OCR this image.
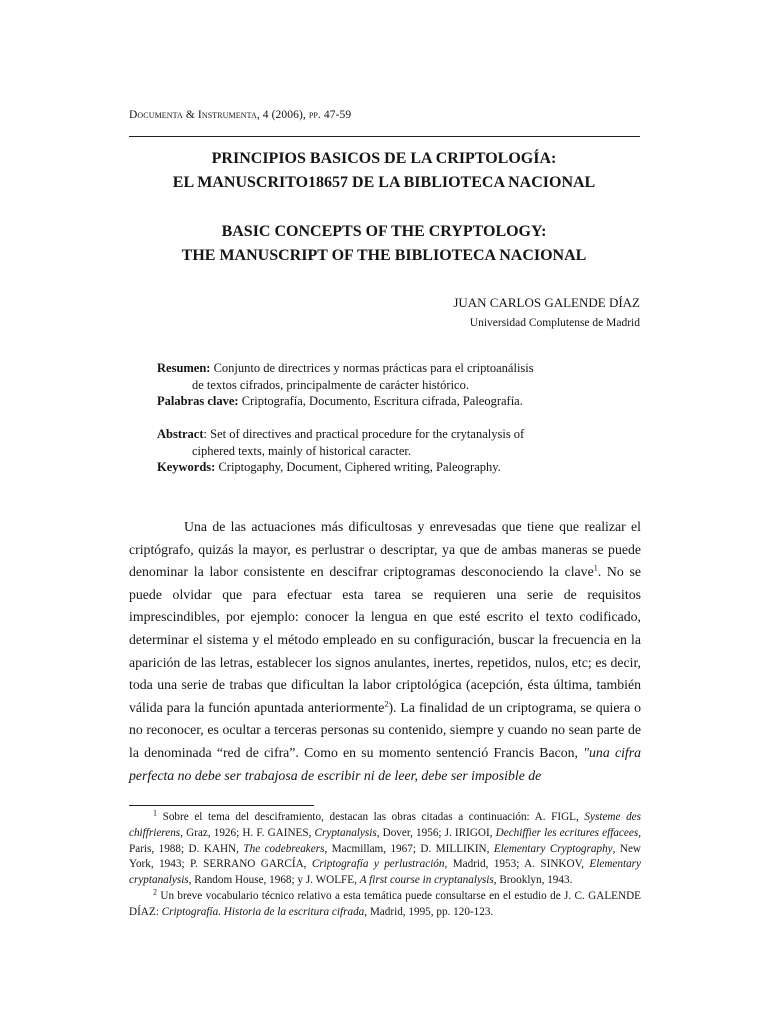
Documenta & Instrumenta, 4 (2006), pp. 47-59
PRINCIPIOS BASICOS DE LA CRIPTOLOGÍA:
EL MANUSCRITO18657 DE LA BIBLIOTECA NACIONAL
BASIC CONCEPTS OF THE CRYPTOLOGY:
THE MANUSCRIPT OF THE BIBLIOTECA NACIONAL
JUAN CARLOS GALENDE DÍAZ
Universidad Complutense de Madrid
Resumen: Conjunto de directrices y normas prácticas para el criptoanálisis
de textos cifrados, principalmente de carácter histórico.
Palabras clave: Criptografía, Documento, Escritura cifrada, Paleografía.
Abstract: Set of directives and practical procedure for the crytanalysis of
ciphered texts, mainly of historical caracter.
Keywords: Criptogaphy, Document, Ciphered writing, Paleography.

Una de las actuaciones más dificultosas y enrevesadas que tiene que realizar el criptógrafo, quizás la mayor, es perlustrar o descriptar, ya que de ambas maneras se puede denominar la labor consistente en descifrar criptogramas desconociendo la clave$^1$. No se puede olvidar que para efectuar esta tarea se requieren una serie de requisitos imprescindibles, por ejemplo: conocer la lengua en que esté escrito el texto codificado, determinar el sistema y el método empleado en su configuración, buscar la frecuencia en la aparición de las letras, establecer los signos anulantes, inertes, repetidos, nulos, etc; es decir, toda una serie de trabas que dificultan la labor criptológica (acepción, ésta última, también válida para la función apuntada anteriormente$^2$). La finalidad de un criptograma, se quiera o no reconocer, es ocultar a terceras personas su contenido, siempre y cuando no sean parte de la denominada “red de cifra”. Como en su momento sentenció Francis Bacon, "una cifra perfecta no debe ser trabajosa de escribir ni de leer, debe ser imposible de

$^1$ Sobre el tema del desciframiento, destacan las obras citadas a continuación: A. FIGL, Systeme des chiffrierens, Graz, 1926; H. F. GAINES, Cryptanalysis, Dover, 1956; J. IRIGOI, Dechiffier les ecritures effacees, Paris, 1988; D. KAHN, The codebreakers, Macmillam, 1967; D. MILLIKIN, Elementary Cryptography, New York, 1943; P. SERRANO GARCÍA, Criptografía y perlustración, Madrid, 1953; A. SINKOV, Elementary cryptanalysis, Random House, 1968; y J. WOLFE, A first course in cryptanalysis, Brooklyn, 1943.

$^2$ Un breve vocabulario técnico relativo a esta temática puede consultarse en el estudio de J. C. GALENDE DÍAZ: Criptografía. Historia de la escritura cifrada, Madrid, 1995, pp. 120-123.
